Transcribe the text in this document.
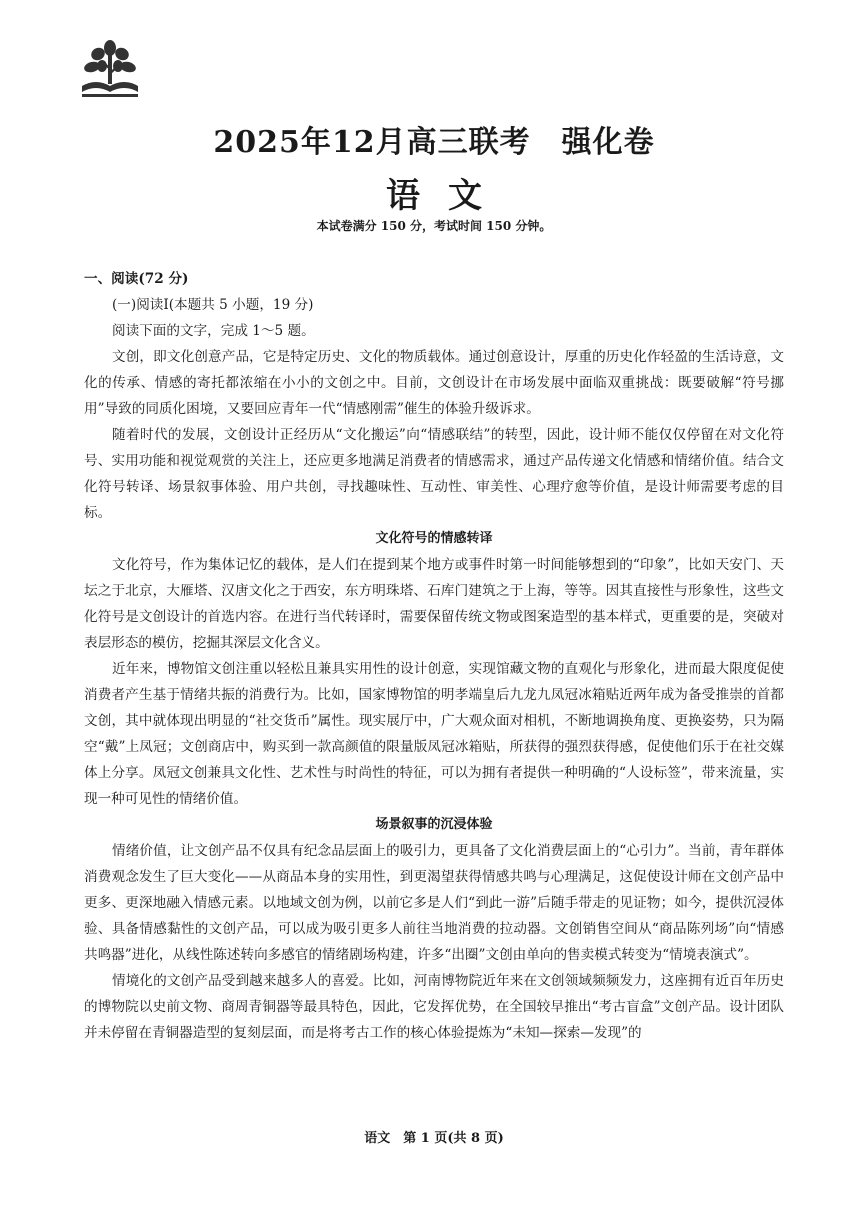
2025年12月高三联考　强化卷
语文
本试卷满分 150 分，考试时间 150 分钟。

一、阅读(72 分)

(一)阅读Ⅰ(本题共 5 小题，19 分)

阅读下面的文字，完成 1～5 题。

文创，即文化创意产品，它是特定历史、文化的物质载体。通过创意设计，厚重的历史化作轻盈的生活诗意，文化的传承、情感的寄托都浓缩在小小的文创之中。目前，文创设计在市场发展中面临双重挑战：既要破解“符号挪用”导致的同质化困境，又要回应青年一代“情感刚需”催生的体验升级诉求。

随着时代的发展，文创设计正经历从“文化搬运”向“情感联结”的转型，因此，设计师不能仅仅停留在对文化符号、实用功能和视觉观赏的关注上，还应更多地满足消费者的情感需求，通过产品传递文化情感和情绪价值。结合文化符号转译、场景叙事体验、用户共创，寻找趣味性、互动性、审美性、心理疗愈等价值，是设计师需要考虑的目标。

文化符号的情感转译

文化符号，作为集体记忆的载体，是人们在提到某个地方或事件时第一时间能够想到的“印象”，比如天安门、天坛之于北京，大雁塔、汉唐文化之于西安，东方明珠塔、石库门建筑之于上海，等等。因其直接性与形象性，这些文化符号是文创设计的首选内容。在进行当代转译时，需要保留传统文物或图案造型的基本样式，更重要的是，突破对表层形态的模仿，挖掘其深层文化含义。

近年来，博物馆文创注重以轻松且兼具实用性的设计创意，实现馆藏文物的直观化与形象化，进而最大限度促使消费者产生基于情绪共振的消费行为。比如，国家博物馆的明孝端皇后九龙九凤冠冰箱贴近两年成为备受推崇的首都文创，其中就体现出明显的“社交货币”属性。现实展厅中，广大观众面对相机，不断地调换角度、更换姿势，只为隔空“戴”上凤冠；文创商店中，购买到一款高颜值的限量版凤冠冰箱贴，所获得的强烈获得感，促使他们乐于在社交媒体上分享。凤冠文创兼具文化性、艺术性与时尚性的特征，可以为拥有者提供一种明确的“人设标签”，带来流量，实现一种可见性的情绪价值。

场景叙事的沉浸体验

情绪价值，让文创产品不仅具有纪念品层面上的吸引力，更具备了文化消费层面上的“心引力”。当前，青年群体消费观念发生了巨大变化——从商品本身的实用性，到更渴望获得情感共鸣与心理满足，这促使设计师在文创产品中更多、更深地融入情感元素。以地域文创为例，以前它多是人们“到此一游”后随手带走的见证物；如今，提供沉浸体验、具备情感黏性的文创产品，可以成为吸引更多人前往当地消费的拉动器。文创销售空间从“商品陈列场”向“情感共鸣器”进化，从线性陈述转向多感官的情绪剧场构建，许多“出圈”文创由单向的售卖模式转变为“情境表演式”。

情境化的文创产品受到越来越多人的喜爱。比如，河南博物院近年来在文创领域频频发力，这座拥有近百年历史的博物院以史前文物、商周青铜器等最具特色，因此，它发挥优势，在全国较早推出“考古盲盒”文创产品。设计团队并未停留在青铜器造型的复刻层面，而是将考古工作的核心体验提炼为“未知—探索—发现”的

语文　第 1 页(共 8 页)
